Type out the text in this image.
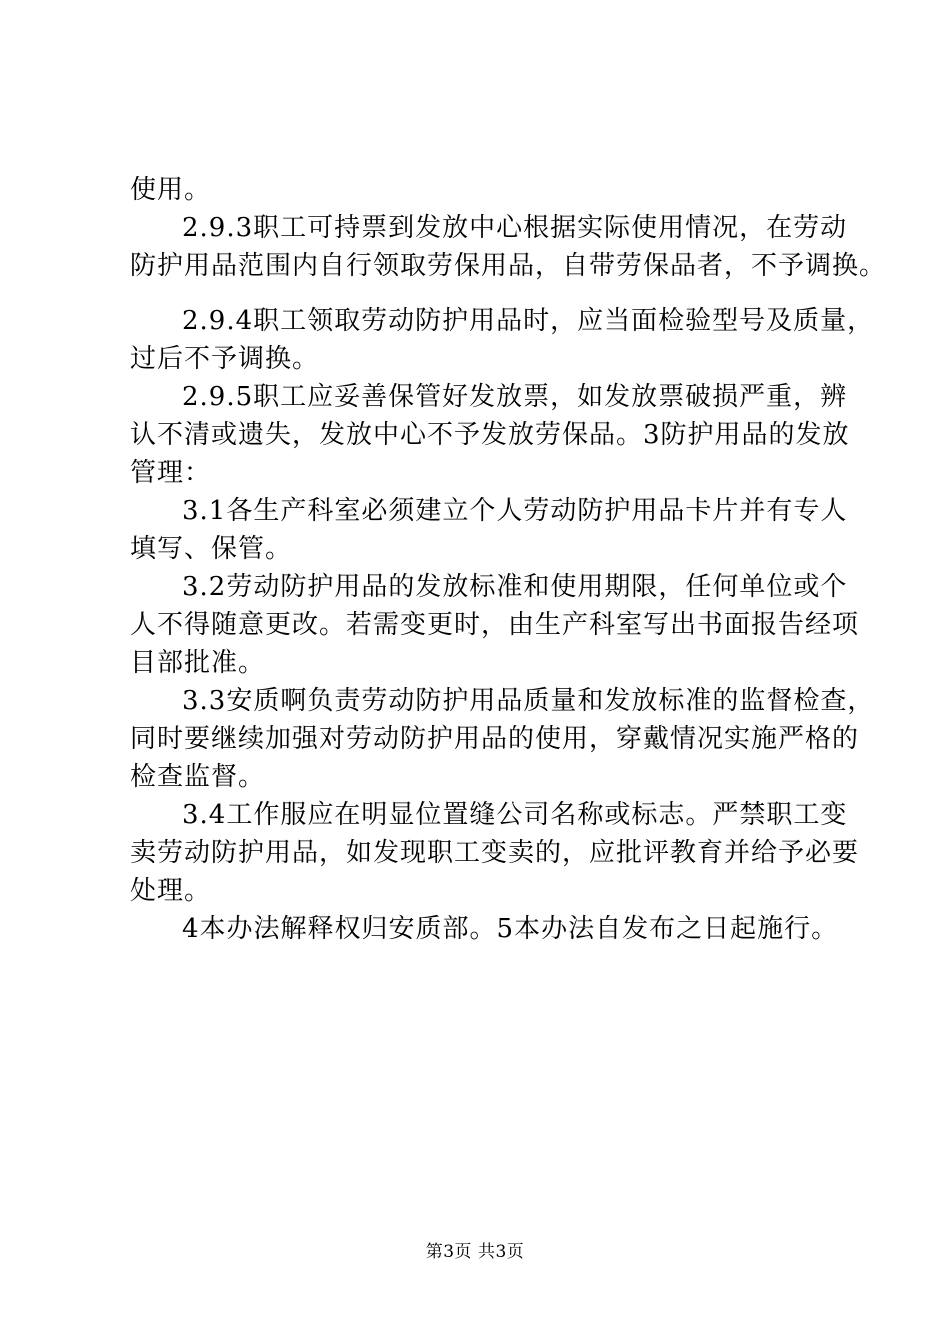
使用。
2.9.3职工可持票到发放中心根据实际使用情况，在劳动
防护用品范围内自行领取劳保用品，自带劳保品者，不予调换。
2.9.4职工领取劳动防护用品时，应当面检验型号及质量，
过后不予调换。
2.9.5职工应妥善保管好发放票，如发放票破损严重，辨
认不清或遗失，发放中心不予发放劳保品。3防护用品的发放
管理：
3.1各生产科室必须建立个人劳动防护用品卡片并有专人
填写、保管。
3.2劳动防护用品的发放标准和使用期限，任何单位或个
人不得随意更改。若需变更时，由生产科室写出书面报告经项
目部批准。
3.3安质啊负责劳动防护用品质量和发放标准的监督检查，
同时要继续加强对劳动防护用品的使用，穿戴情况实施严格的
检查监督。
3.4工作服应在明显位置缝公司名称或标志。严禁职工变
卖劳动防护用品，如发现职工变卖的，应批评教育并给予必要
处理。
4本办法解释权归安质部。5本办法自发布之日起施行。
第3页 共3页
